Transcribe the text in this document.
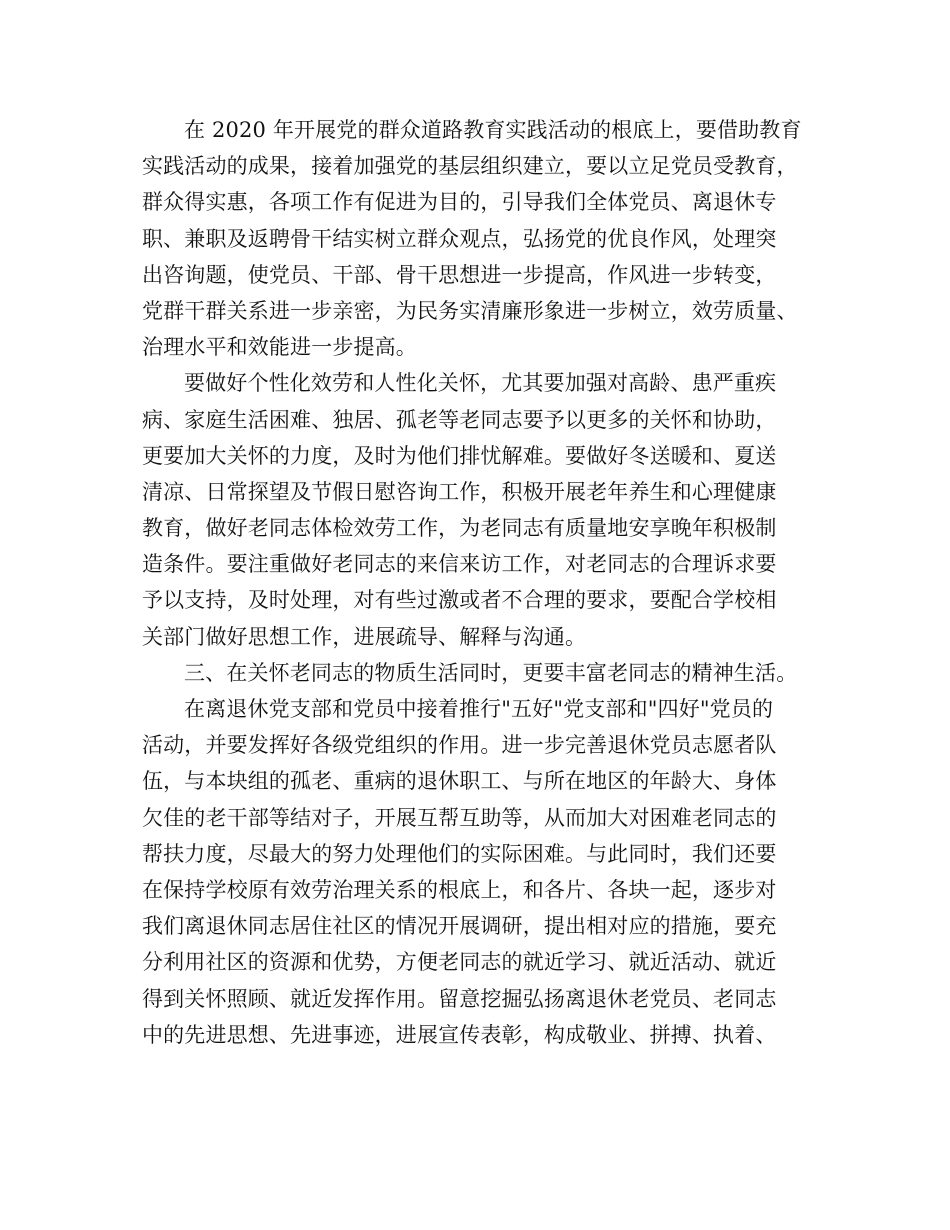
在 2020 年开展党的群众道路教育实践活动的根底上，要借助教育
实践活动的成果，接着加强党的基层组织建立，要以立足党员受教育，
群众得实惠，各项工作有促进为目的，引导我们全体党员、离退休专
职、兼职及返聘骨干结实树立群众观点，弘扬党的优良作风，处理突
出咨询题，使党员、干部、骨干思想进一步提高，作风进一步转变，
党群干群关系进一步亲密，为民务实清廉形象进一步树立，效劳质量、
治理水平和效能进一步提高。
要做好个性化效劳和人性化关怀，尤其要加强对高龄、患严重疾
病、家庭生活困难、独居、孤老等老同志要予以更多的关怀和协助，
更要加大关怀的力度，及时为他们排忧解难。要做好冬送暖和、夏送
清凉、日常探望及节假日慰咨询工作，积极开展老年养生和心理健康
教育，做好老同志体检效劳工作，为老同志有质量地安享晚年积极制
造条件。要注重做好老同志的来信来访工作，对老同志的合理诉求要
予以支持，及时处理，对有些过激或者不合理的要求，要配合学校相
关部门做好思想工作，进展疏导、解释与沟通。
三、在关怀老同志的物质生活同时，更要丰富老同志的精神生活。
在离退休党支部和党员中接着推行"五好"党支部和"四好"党员的
活动，并要发挥好各级党组织的作用。进一步完善退休党员志愿者队
伍，与本块组的孤老、重病的退休职工、与所在地区的年龄大、身体
欠佳的老干部等结对子，开展互帮互助等，从而加大对困难老同志的
帮扶力度，尽最大的努力处理他们的实际困难。与此同时，我们还要
在保持学校原有效劳治理关系的根底上，和各片、各块一起，逐步对
我们离退休同志居住社区的情况开展调研，提出相对应的措施，要充
分利用社区的资源和优势，方便老同志的就近学习、就近活动、就近
得到关怀照顾、就近发挥作用。留意挖掘弘扬离退休老党员、老同志
中的先进思想、先进事迹，进展宣传表彰，构成敬业、拼搏、执着、
